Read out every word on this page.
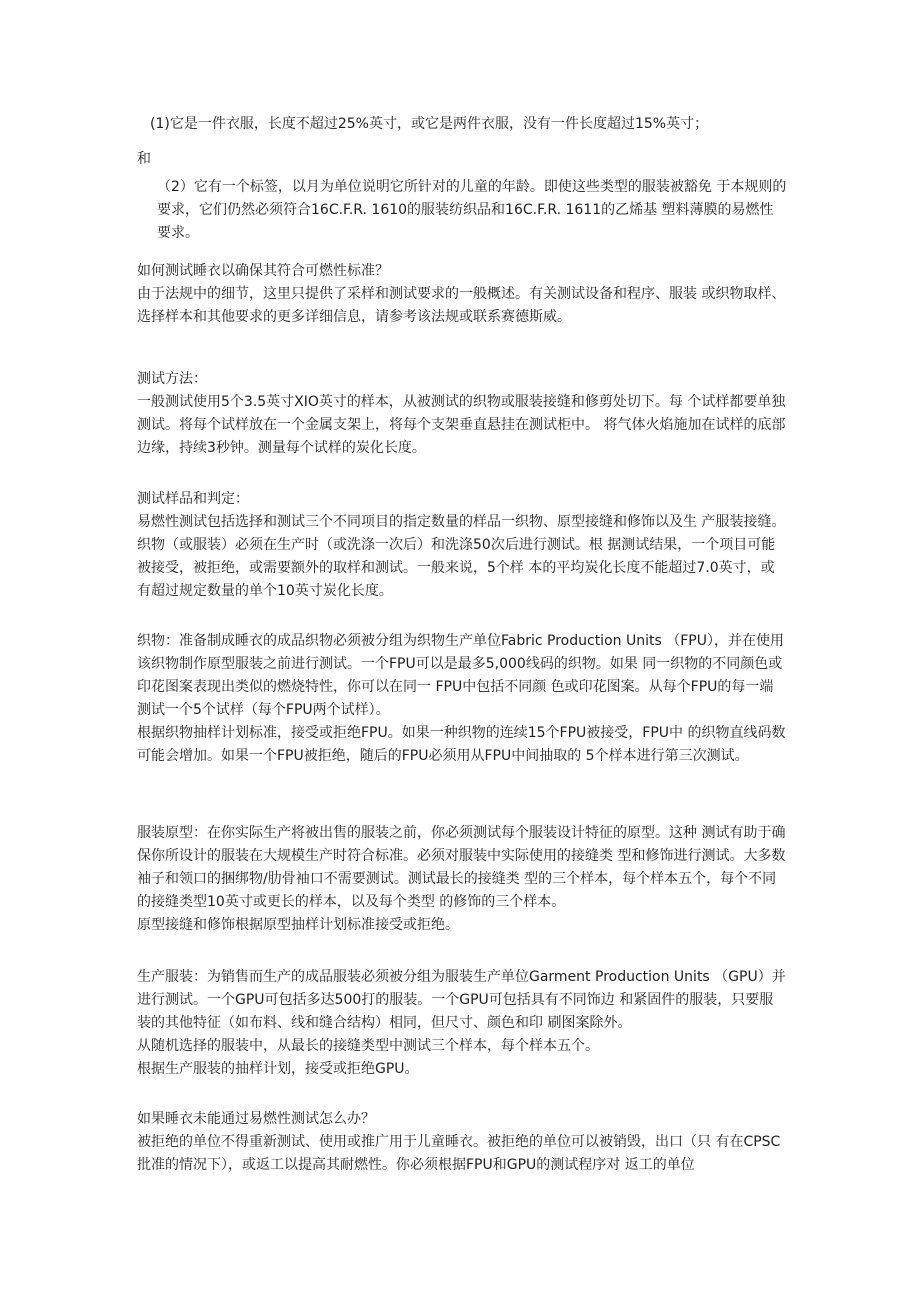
(1)它是一件衣服，长度不超过25%英寸，或它是两件衣服，没有一件长度超过15%英寸；

和

（2）它有一个标签，以月为单位说明它所针对的儿童的年龄。即使这些类型的服装被豁免 于本规则的要求，它们仍然必须符合16C.F.R. 1610的服装纺织品和16C.F.R. 1611的乙烯基 塑料薄膜的易燃性要求。

如何测试睡衣以确保其符合可燃性标准？

由于法规中的细节，这里只提供了采样和测试要求的一般概述。有关测试设备和程序、服装 或织物取样、选择样本和其他要求的更多详细信息，请参考该法规或联系赛德斯威。

测试方法：

一般测试使用5个3.5英寸XIO英寸的样本，从被测试的织物或服装接缝和修剪处切下。每 个试样都要单独测试。将每个试样放在一个金属支架上，将每个支架垂直悬挂在测试柜中。 将气体火焰施加在试样的底部边缘，持续3秒钟。测量每个试样的炭化长度。

测试样品和判定：

易燃性测试包括选择和测试三个不同项目的指定数量的样品一织物、原型接缝和修饰以及生 产服装接缝。织物（或服装）必须在生产时（或洗涤一次后）和洗涤50次后进行测试。根 据测试结果，一个项目可能被接受，被拒绝，或需要额外的取样和测试。一般来说，5个样 本的平均炭化长度不能超过7.0英寸，或有超过规定数量的单个10英寸炭化长度。

织物：准备制成睡衣的成品织物必须被分组为织物生产单位Fabric Production Units （FPU），并在使用该织物制作原型服装之前进行测试。一个FPU可以是最多5,000线码的织物。如果 同一织物的不同颜色或印花图案表现出类似的燃烧特性，你可以在同一 FPU中包括不同颜 色或印花图案。从每个FPU的每一端测试一个5个试样（每个FPU两个试样）。

根据织物抽样计划标准，接受或拒绝FPU。如果一种织物的连续15个FPU被接受，FPU中 的织物直线码数可能会增加。如果一个FPU被拒绝，随后的FPU必须用从FPU中间抽取的 5个样本进行第三次测试。

服装原型：在你实际生产将被出售的服装之前，你必须测试每个服装设计特征的原型。这种 测试有助于确保你所设计的服装在大规模生产时符合标准。必须对服装中实际使用的接缝类 型和修饰进行测试。大多数袖子和领口的捆绑物/肋骨袖口不需要测试。测试最长的接缝类 型的三个样本，每个样本五个，每个不同的接缝类型10英寸或更长的样本，以及每个类型 的修饰的三个样本。

原型接缝和修饰根据原型抽样计划标准接受或拒绝。

生产服装：为销售而生产的成品服装必须被分组为服装生产单位Garment Production Units （GPU）并进行测试。一个GPU可包括多达500打的服装。一个GPU可包括具有不同饰边 和紧固件的服装，只要服装的其他特征（如布料、线和缝合结构）相同，但尺寸、颜色和印 刷图案除外。

从随机选择的服装中，从最长的接缝类型中测试三个样本，每个样本五个。

根据生产服装的抽样计划，接受或拒绝GPU。

如果睡衣未能通过易燃性测试怎么办？

被拒绝的单位不得重新测试、使用或推广用于儿童睡衣。被拒绝的单位可以被销毁，出口（只 有在CPSC批准的情况下），或返工以提高其耐燃性。你必须根据FPU和GPU的测试程序对 返工的单位
